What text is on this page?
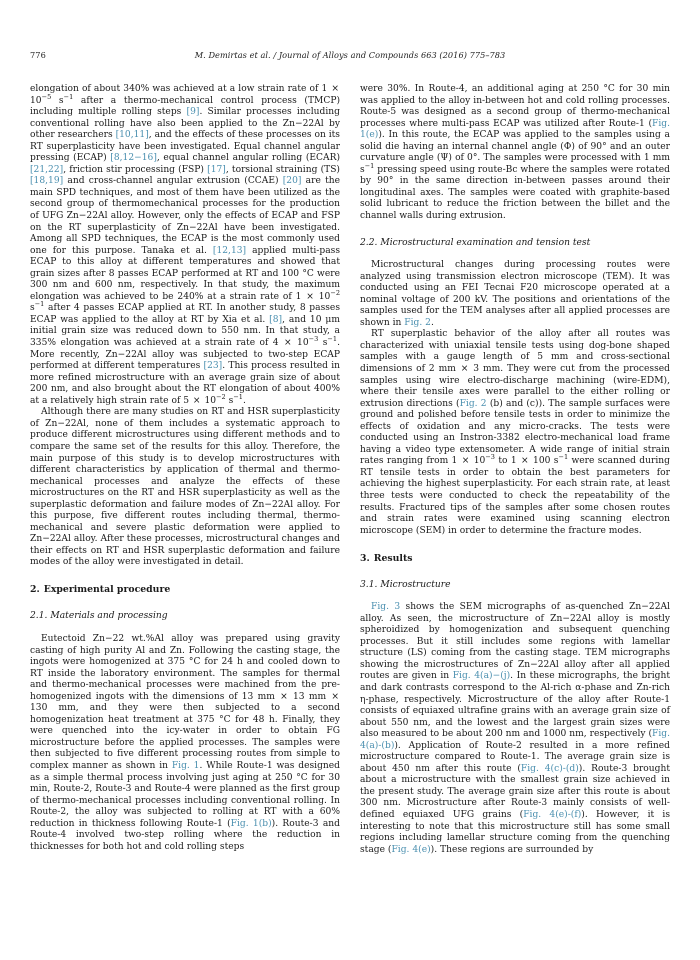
776	M. Demirtas et al. / Journal of Alloys and Compounds 663 (2016) 775–783

elongation of about 340% was achieved at a low strain rate of $1 \times 10^{-5}$ $s^{-1}$ after a thermo-mechanical control process (TMCP) including multiple rolling steps [9]. Similar processes including conventional rolling have also been applied to the Zn−22Al by other researchers [10,11], and the effects of these processes on its RT superplasticity have been investigated. Equal channel angular pressing (ECAP) [8,12−16], equal channel angular rolling (ECAR) [21,22], friction stir processing (FSP) [17], torsional straining (TS) [18,19] and cross-channel angular extrusion (CCAE) [20] are the main SPD techniques, and most of them have been utilized as the second group of thermomechanical processes for the production of UFG Zn−22Al alloy. However, only the effects of ECAP and FSP on the RT superplasticity of Zn−22Al have been investigated. Among all SPD techniques, the ECAP is the most commonly used one for this purpose. Tanaka et al. [12,13] applied multi-pass ECAP to this alloy at different temperatures and showed that grain sizes after 8 passes ECAP performed at RT and 100 °C were 300 nm and 600 nm, respectively. In that study, the maximum elongation was achieved to be 240% at a strain rate of $1 \times 10^{-2}$ $s^{-1}$ after 4 passes ECAP applied at RT. In another study, 8 passes ECAP was applied to the alloy at RT by Xia et al. [8], and 10 μm initial grain size was reduced down to 550 nm. In that study, a 335% elongation was achieved at a strain rate of $4 \times 10^{-3}$ $s^{-1}$. More recently, Zn−22Al alloy was subjected to two-step ECAP performed at different temperatures [23]. This process resulted in more refined microstructure with an average grain size of about 200 nm, and also brought about the RT elongation of about 400% at a relatively high strain rate of $5 \times 10^{-2}$ $s^{-1}$.

Although there are many studies on RT and HSR superplasticity of Zn−22Al, none of them includes a systematic approach to produce different microstructures using different methods and to compare the same set of the results for this alloy. Therefore, the main purpose of this study is to develop microstructures with different characteristics by application of thermal and thermo-mechanical processes and analyze the effects of these microstructures on the RT and HSR superplasticity as well as the superplastic deformation and failure modes of Zn−22Al alloy. For this purpose, five different routes including thermal, thermo-mechanical and severe plastic deformation were applied to Zn−22Al alloy. After these processes, microstructural changes and their effects on RT and HSR superplastic deformation and failure modes of the alloy were investigated in detail.

2. Experimental procedure
2.1. Materials and processing

Eutectoid Zn−22 wt.%Al alloy was prepared using gravity casting of high purity Al and Zn. Following the casting stage, the ingots were homogenized at 375 °C for 24 h and cooled down to RT inside the laboratory environment. The samples for thermal and thermo-mechanical processes were machined from the pre-homogenized ingots with the dimensions of 13 mm × 13 mm × 130 mm, and they were then subjected to a second homogenization heat treatment at 375 °C for 48 h. Finally, they were quenched into the icy-water in order to obtain FG microstructure before the applied processes. The samples were then subjected to five different processing routes from simple to complex manner as shown in Fig. 1. While Route-1 was designed as a simple thermal process involving just aging at 250 °C for 30 min, Route-2, Route-3 and Route-4 were planned as the first group of thermo-mechanical processes including conventional rolling. In Route-2, the alloy was subjected to rolling at RT with a 60% reduction in thickness following Route-1 (Fig. 1(b)). Route-3 and Route-4 involved two-step rolling where the reduction in thicknesses for both hot and cold rolling steps

were 30%. In Route-4, an additional aging at 250 °C for 30 min was applied to the alloy in-between hot and cold rolling processes. Route-5 was designed as a second group of thermo-mechanical processes where multi-pass ECAP was utilized after Route-1 (Fig. 1(e)). In this route, the ECAP was applied to the samples using a solid die having an internal channel angle (Φ) of 90° and an outer curvature angle (Ψ) of 0°. The samples were processed with 1 mm $s^{-1}$ pressing speed using route-Bc where the samples were rotated by 90° in the same direction in-between passes around their longitudinal axes. The samples were coated with graphite-based solid lubricant to reduce the friction between the billet and the channel walls during extrusion.

2.2. Microstructural examination and tension test

Microstructural changes during processing routes were analyzed using transmission electron microscope (TEM). It was conducted using an FEI Tecnai F20 microscope operated at a nominal voltage of 200 kV. The positions and orientations of the samples used for the TEM analyses after all applied processes are shown in Fig. 2.

RT superplastic behavior of the alloy after all routes was characterized with uniaxial tensile tests using dog-bone shaped samples with a gauge length of 5 mm and cross-sectional dimensions of 2 mm × 3 mm. They were cut from the processed samples using wire electro-discharge machining (wire-EDM), where their tensile axes were parallel to the either rolling or extrusion directions (Fig. 2 (b) and (c)). The sample surfaces were ground and polished before tensile tests in order to minimize the effects of oxidation and any micro-cracks. The tests were conducted using an Instron-3382 electro-mechanical load frame having a video type extensometer. A wide range of initial strain rates ranging from $1 \times 10^{-3}$ to 1 × 100 $s^{-1}$ were scanned during RT tensile tests in order to obtain the best parameters for achieving the highest superplasticity. For each strain rate, at least three tests were conducted to check the repeatability of the results. Fractured tips of the samples after some chosen routes and strain rates were examined using scanning electron microscope (SEM) in order to determine the fracture modes.

3. Results
3.1. Microstructure

Fig. 3 shows the SEM micrographs of as-quenched Zn−22Al alloy. As seen, the microstructure of Zn−22Al alloy is mostly spheroidized by homogenization and subsequent quenching processes. But it still includes some regions with lamellar structure (LS) coming from the casting stage. TEM micrographs showing the microstructures of Zn−22Al alloy after all applied routes are given in Fig. 4(a)−(j). In these micrographs, the bright and dark contrasts correspond to the Al-rich α-phase and Zn-rich η-phase, respectively. Microstructure of the alloy after Route-1 consists of equiaxed ultrafine grains with an average grain size of about 550 nm, and the lowest and the largest grain sizes were also measured to be about 200 nm and 1000 nm, respectively (Fig. 4(a)-(b)). Application of Route-2 resulted in a more refined microstructure compared to Route-1. The average grain size is about 450 nm after this route (Fig. 4(c)-(d)). Route-3 brought about a microstructure with the smallest grain size achieved in the present study. The average grain size after this route is about 300 nm. Microstructure after Route-3 mainly consists of well-defined equiaxed UFG grains (Fig. 4(e)-(f)). However, it is interesting to note that this microstructure still has some small regions including lamellar structure coming from the quenching stage (Fig. 4(e)). These regions are surrounded by
